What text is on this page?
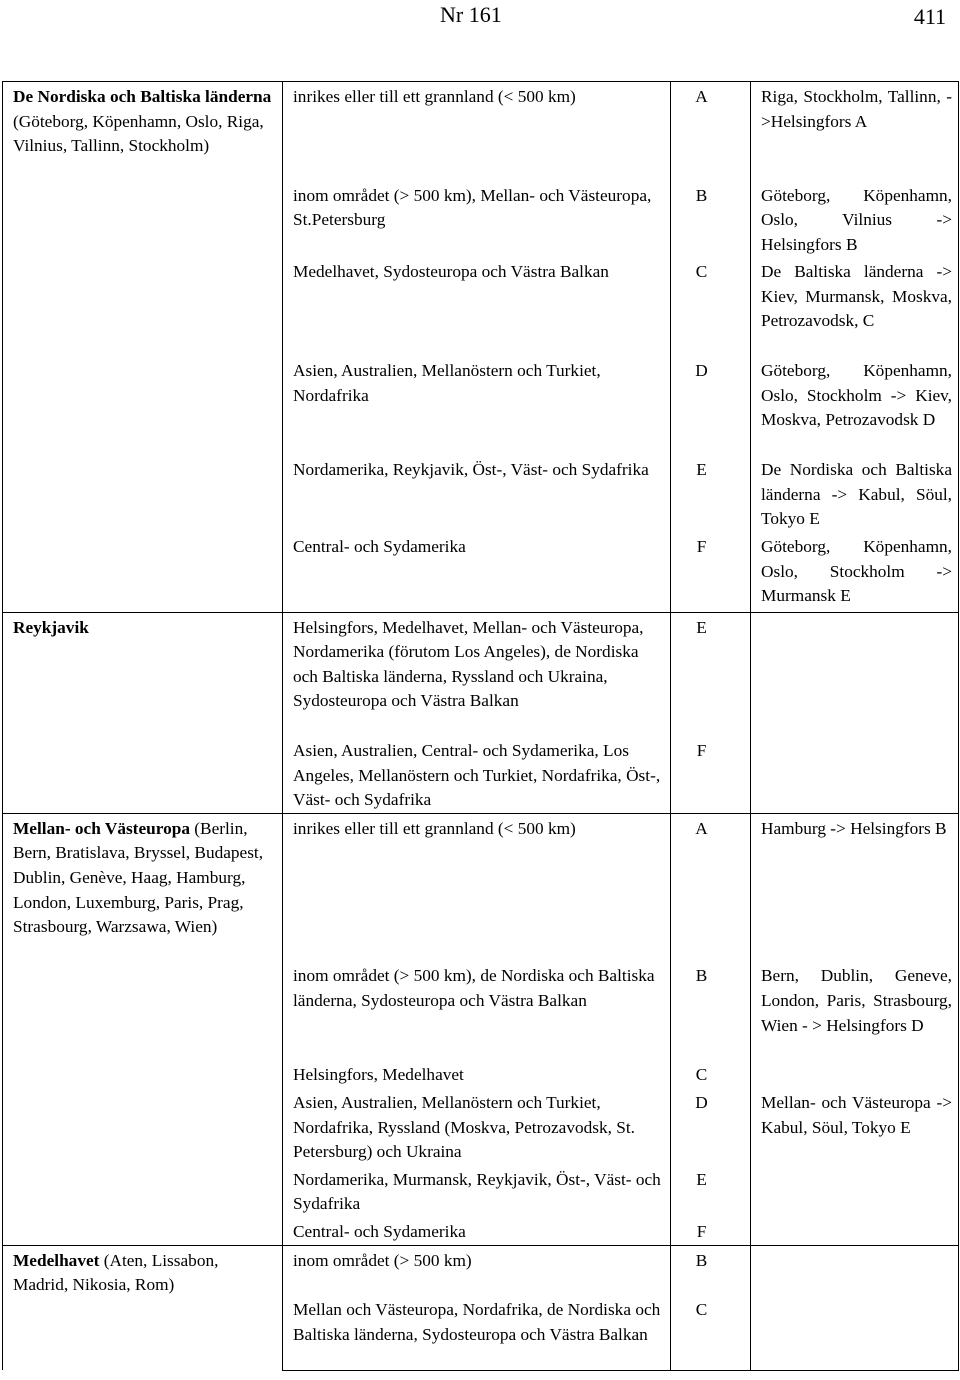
Nr 161	411
De Nordiska och Baltiska länderna (Göteborg, Köpenhamn, Oslo, Riga, Vilnius, Tallinn, Stockholm)	inrikes eller till ett grannland (< 500 km)	A	Riga, Stockholm, Tallinn, ->Helsingfors A
	inom området (> 500 km), Mellan- och Västeuropa, St.Petersburg	B	Göteborg, Köpenhamn, Oslo, Vilnius -> Helsingfors B
	Medelhavet, Sydosteuropa och Västra Balkan	C	De Baltiska länderna -> Kiev, Murmansk, Moskva, Petrozavodsk, C
	Asien, Australien, Mellanöstern och Turkiet, Nordafrika	D	Göteborg, Köpenhamn, Oslo, Stockholm -> Kiev, Moskva, Petrozavodsk D
	Nordamerika, Reykjavik, Öst-, Väst- och Sydafrika	E	De Nordiska och Baltiska länderna -> Kabul, Söul, Tokyo E
	Central- och Sydamerika	F	Göteborg, Köpenhamn, Oslo, Stockholm -> Murmansk E
Reykjavik	Helsingfors, Medelhavet, Mellan- och Västeuropa, Nordamerika (förutom Los Angeles), de Nordiska och Baltiska länderna, Ryssland och Ukraina, Sydosteuropa och Västra Balkan	E	
	Asien, Australien, Central- och Sydamerika, Los Angeles, Mellanöstern och Turkiet, Nordafrika, Öst-, Väst- och Sydafrika	F	
Mellan- och Västeuropa (Berlin, Bern, Bratislava, Bryssel, Budapest, Dublin, Genève, Haag, Hamburg, London, Luxemburg, Paris, Prag, Strasbourg, Warzsawa, Wien)	inrikes eller till ett grannland (< 500 km)	A	Hamburg -> Helsingfors B
	inom området (> 500 km), de Nordiska och Baltiska länderna, Sydosteuropa och Västra Balkan	B	Bern, Dublin, Geneve, London, Paris, Strasbourg, Wien - > Helsingfors D
	Helsingfors, Medelhavet	C	
	Asien, Australien, Mellanöstern och Turkiet, Nordafrika, Ryssland (Moskva, Petrozavodsk, St. Petersburg) och Ukraina	D	Mellan- och Västeuropa -> Kabul, Söul, Tokyo E
	Nordamerika, Murmansk, Reykjavik, Öst-, Väst- och Sydafrika	E	
	Central- och Sydamerika	F	
Medelhavet (Aten, Lissabon, Madrid, Nikosia, Rom)	inom området (> 500 km)	B	
	Mellan och Västeuropa, Nordafrika, de Nordiska och Baltiska länderna, Sydosteuropa och Västra Balkan	C	
